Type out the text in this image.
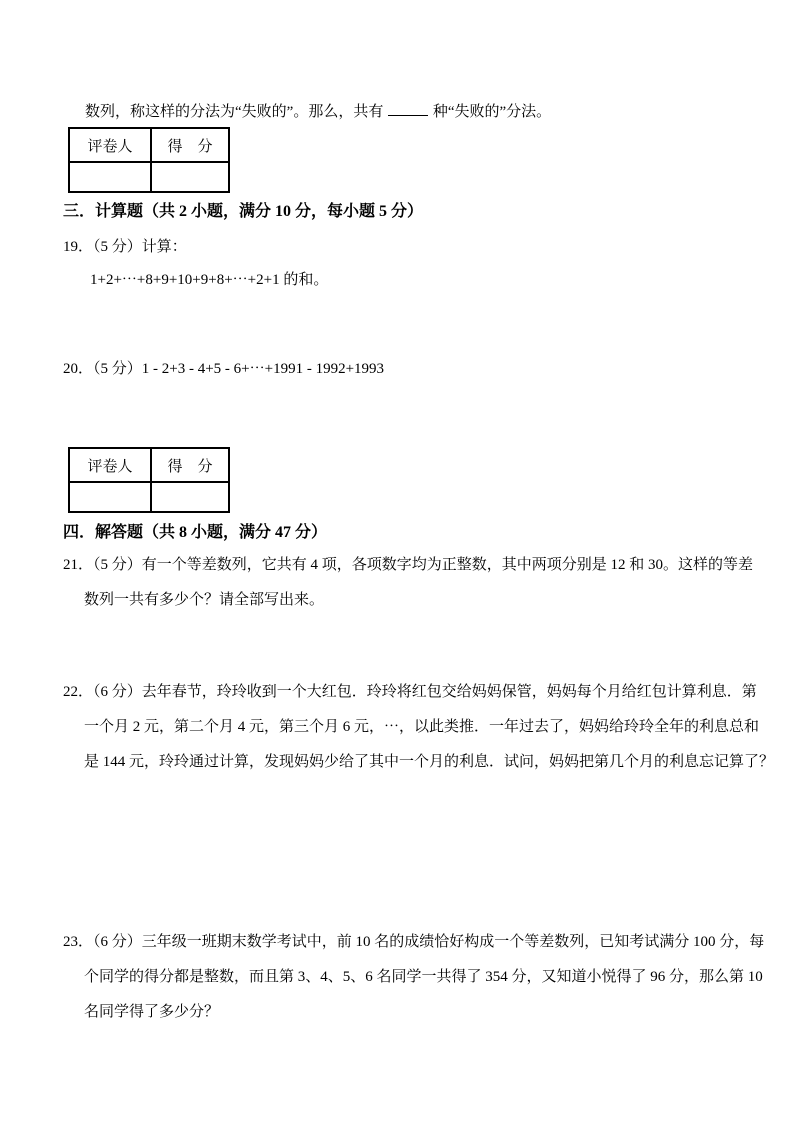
数列，称这样的分法为“失败的”。那么，共有	种“失败的”分法。
评卷人	得　分

三．计算题（共 2 小题，满分 10 分，每小题 5 分）
19．（5 分）计算：
1+2+⋯+8+9+10+9+8+⋯+2+1 的和。
20．（5 分）1 - 2+3 - 4+5 - 6+⋯+1991 - 1992+1993
评卷人	得　分

四．解答题（共 8 小题，满分 47 分）
21．（5 分）有一个等差数列，它共有 4 项，各项数字均为正整数，其中两项分别是 12 和 30。这样的等差
数列一共有多少个？请全部写出来。
22．（6 分）去年春节，玲玲收到一个大红包．玲玲将红包交给妈妈保管，妈妈每个月给红包计算利息．第
一个月 2 元，第二个月 4 元，第三个月 6 元，⋯，以此类推．一年过去了，妈妈给玲玲全年的利息总和
是 144 元，玲玲通过计算，发现妈妈少给了其中一个月的利息．试问，妈妈把第几个月的利息忘记算了？
23．（6 分）三年级一班期末数学考试中，前 10 名的成绩恰好构成一个等差数列，已知考试满分 100 分，每
个同学的得分都是整数，而且第 3、4、5、6 名同学一共得了 354 分，又知道小悦得了 96 分，那么第 10
名同学得了多少分？
